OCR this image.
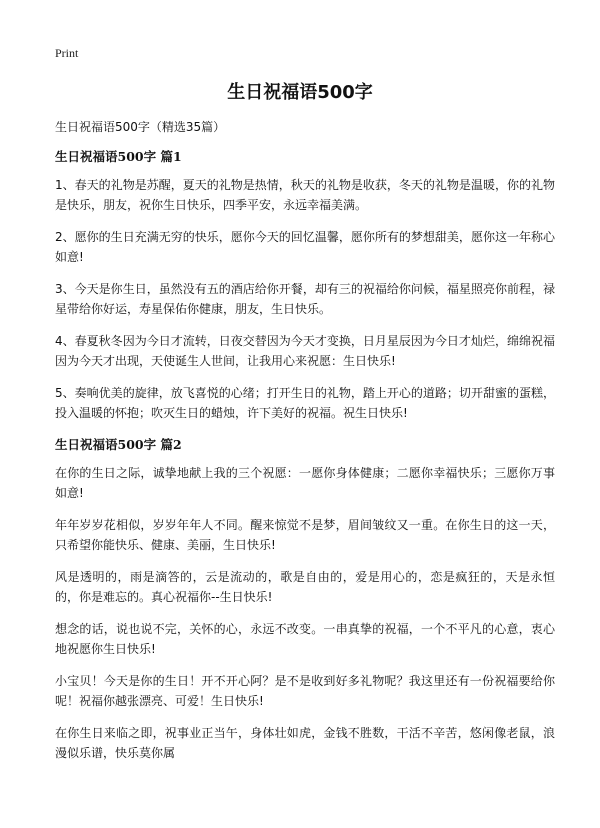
Print
生日祝福语500字

生日祝福语500字（精选35篇）

生日祝福语500字 篇1

1、春天的礼物是苏醒，夏天的礼物是热情，秋天的礼物是收获，冬天的礼物是温暖，你的礼物是快乐，朋友，祝你生日快乐，四季平安，永远幸福美满。

2、愿你的生日充满无穷的快乐，愿你今天的回忆温馨，愿你所有的梦想甜美，愿你这一年称心如意!

3、今天是你生日，虽然没有五的酒店给你开餐，却有三的祝福给你问候，福星照亮你前程，禄星带给你好运，寿星保佑你健康，朋友，生日快乐。

4、春夏秋冬因为今日才流转，日夜交替因为今天才变换，日月星辰因为今日才灿烂，绵绵祝福因为今天才出现，天使诞生人世间，让我用心来祝愿：生日快乐!

5、奏响优美的旋律，放飞喜悦的心绪；打开生日的礼物，踏上开心的道路；切开甜蜜的蛋糕，投入温暖的怀抱；吹灭生日的蜡烛，许下美好的祝福。祝生日快乐!

生日祝福语500字 篇2

在你的生日之际，诚挚地献上我的三个祝愿：一愿你身体健康；二愿你幸福快乐；三愿你万事如意!

年年岁岁花相似，岁岁年年人不同。醒来惊觉不是梦，眉间皱纹又一重。在你生日的这一天，只希望你能快乐、健康、美丽，生日快乐!

风是透明的，雨是滴答的，云是流动的，歌是自由的，爱是用心的，恋是疯狂的，天是永恒的，你是难忘的。真心祝福你--生日快乐!

想念的话，说也说不完，关怀的心，永远不改变。一串真挚的祝福，一个不平凡的心意，衷心地祝愿你生日快乐!

小宝贝！今天是你的生日！开不开心阿？是不是收到好多礼物呢？我这里还有一份祝福要给你呢！祝福你越张漂亮、可爱！生日快乐!

在你生日来临之即，祝事业正当午，身体壮如虎，金钱不胜数，干活不辛苦，悠闲像老鼠，浪漫似乐谱，快乐莫你属
